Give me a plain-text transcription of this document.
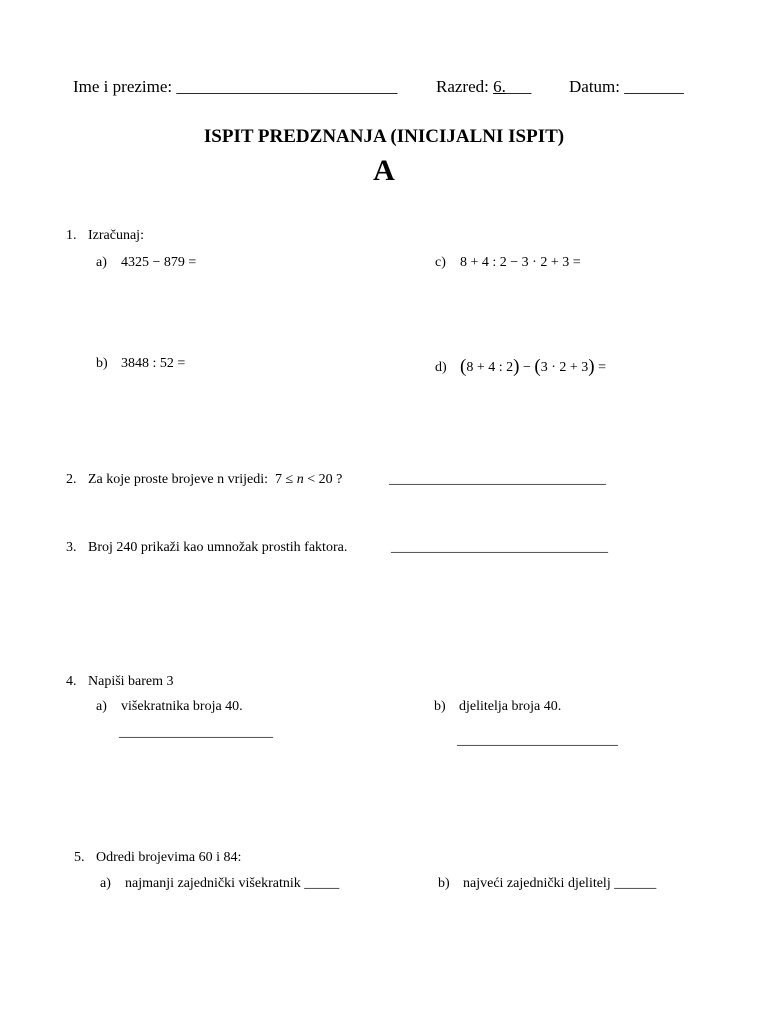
Ime i prezime: __________________________ Razred: 6.___ Datum: _______
ISPIT PREDZNANJA (INICIJALNI ISPIT)
A
1. Izračunaj:
a) 4325 − 879 =	c) 8 + 4 : 2 − 3 · 2 + 3 =
b) 3848 : 52 =	d) (8 + 4 : 2) − (3 · 2 + 3) =
2. Za koje proste brojeve n vrijedi: 7 ≤ n < 20 ?	_______________________________
3. Broj 240 prikaži kao umnožak prostih faktora.	_______________________________
4. Napiši barem 3
a) višekratnika broja 40.
______________________
b) djelitelja broja 40.
_______________________
5. Odredi brojevima 60 i 84:
a) najmanji zajednički višekratnik _____	b) najveći zajednički djelitelj ______
